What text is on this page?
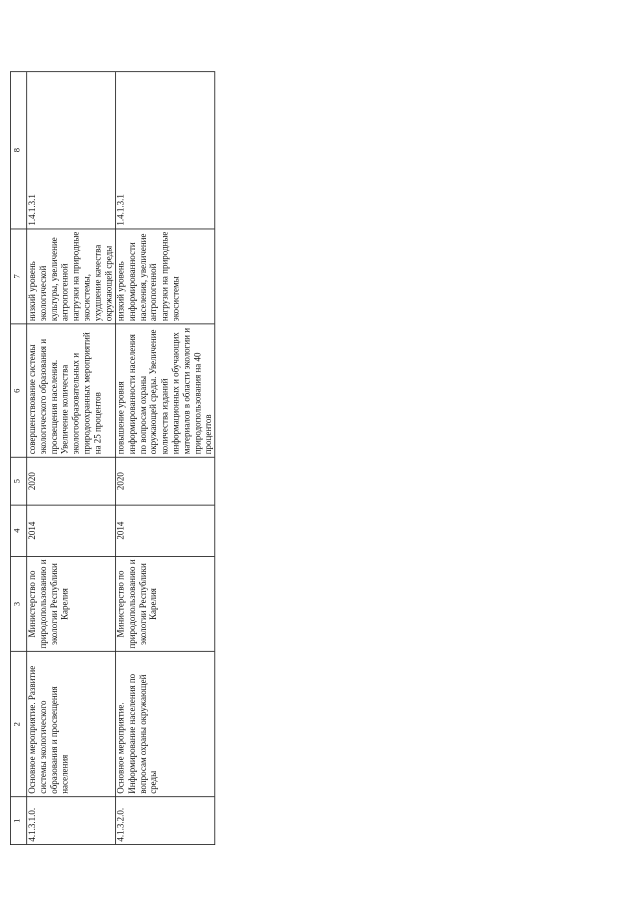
1
2
3
4
5
6
7
8
4.1.3.1.0.
Основное мероприятие. Развитие системы экологического образования и просвещения населения
Министерство по природопользованию и экологии Республики Карелия
2014
2020
совершенствование системы экологического образования и просвещения населения. Увеличение количества экологообразовательных и природоохранных мероприятий на 25 процентов
низкий уровень экологической культуры, увеличение антропогенной нагрузки на природные экосистемы, ухудшение качества окружающей среды
1.4.1.3.1
4.1.3.2.0.
Основное мероприятие. Информирование населения по вопросам охраны окружающей среды
Министерство по природопользованию и экологии Республики Карелия
2014
2020
повышение уровня информированности населения по вопросам охраны окружающей среды. Увеличение количества изданий информационных и обучающих материалов в области экологии и природопользования на 40 процентов
низкий уровень информированности населения, увеличение антропогенной нагрузки на природные экосистемы
1.4.1.3.1
